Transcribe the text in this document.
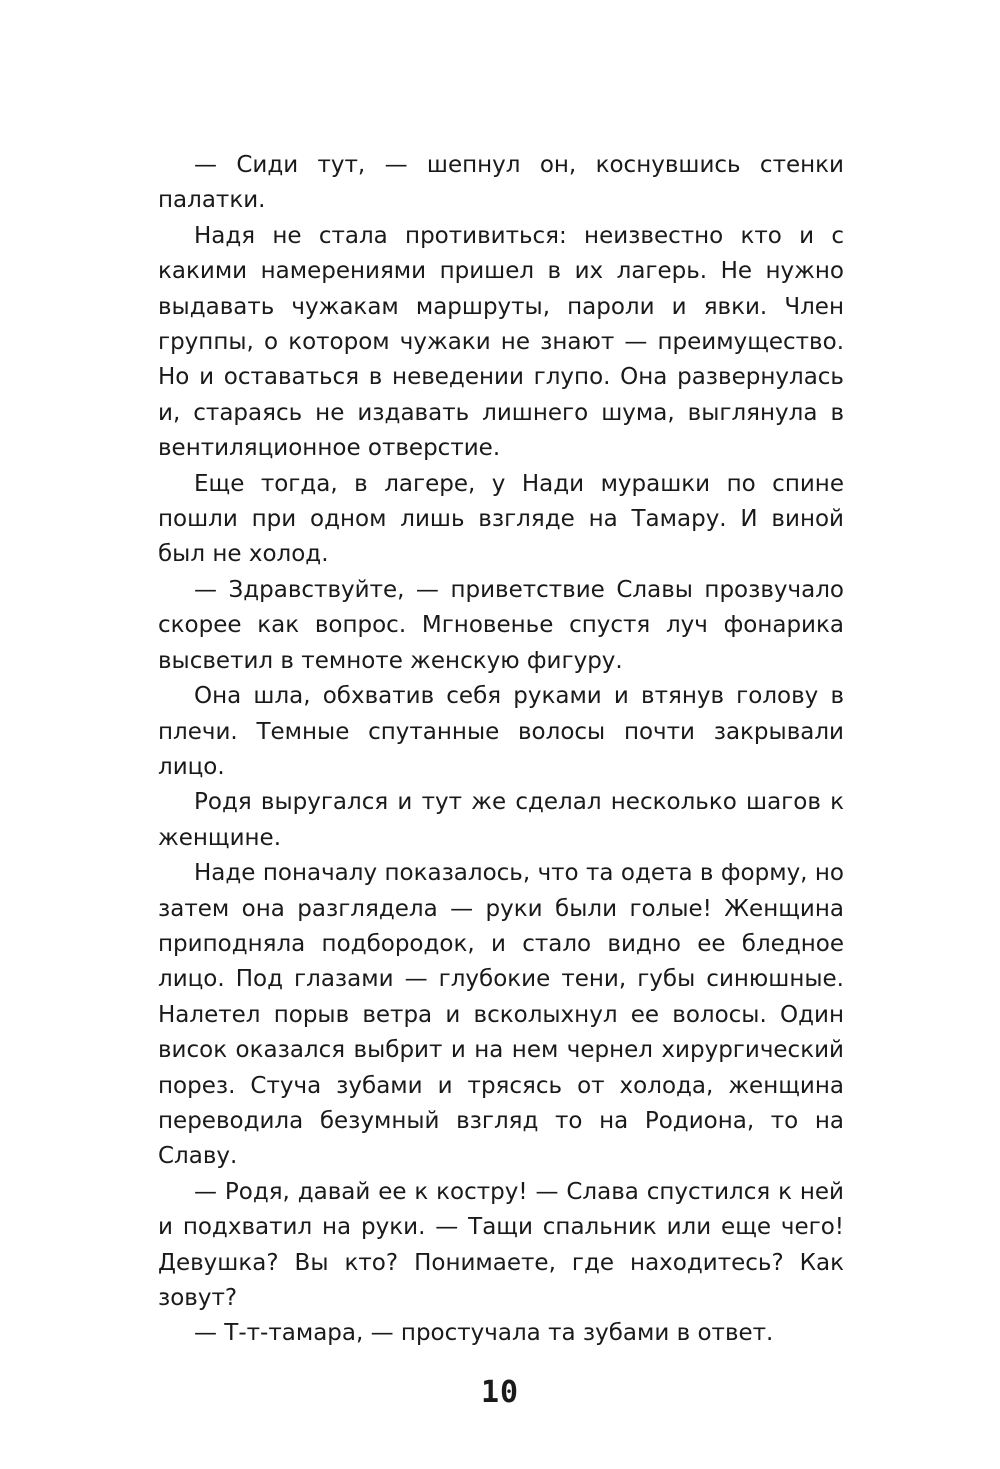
— Сиди тут, — шепнул он, коснувшись стенки палатки.

Надя не стала противиться: неизвестно кто и с какими намерениями пришел в их лагерь. Не нужно выдавать чужакам маршруты, пароли и явки. Член группы, о котором чужаки не знают — преимущество. Но и оставаться в неведении глупо. Она развернулась и, стараясь не издавать лишнего шума, выглянула в вентиляционное отверстие.

Еще тогда, в лагере, у Нади мурашки по спине пошли при одном лишь взгляде на Тамару. И виной был не холод.

— Здравствуйте, — приветствие Славы прозвучало скорее как вопрос. Мгновенье спустя луч фонарика высветил в темноте женскую фигуру.

Она шла, обхватив себя руками и втянув голову в плечи. Темные спутанные волосы почти закрывали лицо.

Родя выругался и тут же сделал несколько шагов к женщине.

Наде поначалу показалось, что та одета в форму, но затем она разглядела — руки были голые! Женщина приподняла подбородок, и стало видно ее бледное лицо. Под глазами — глубокие тени, губы синюшные. Налетел порыв ветра и всколыхнул ее волосы. Один висок оказался выбрит и на нем чернел хирургический порез. Стуча зубами и трясясь от холода, женщина переводила безумный взгляд то на Родиона, то на Славу.

— Родя, давай ее к костру! — Слава спустился к ней и подхватил на руки. — Тащи спальник или еще чего! Девушка? Вы кто? Понимаете, где находитесь? Как зовут?

— Т-т-тамара, — простучала та зубами в ответ.

10
